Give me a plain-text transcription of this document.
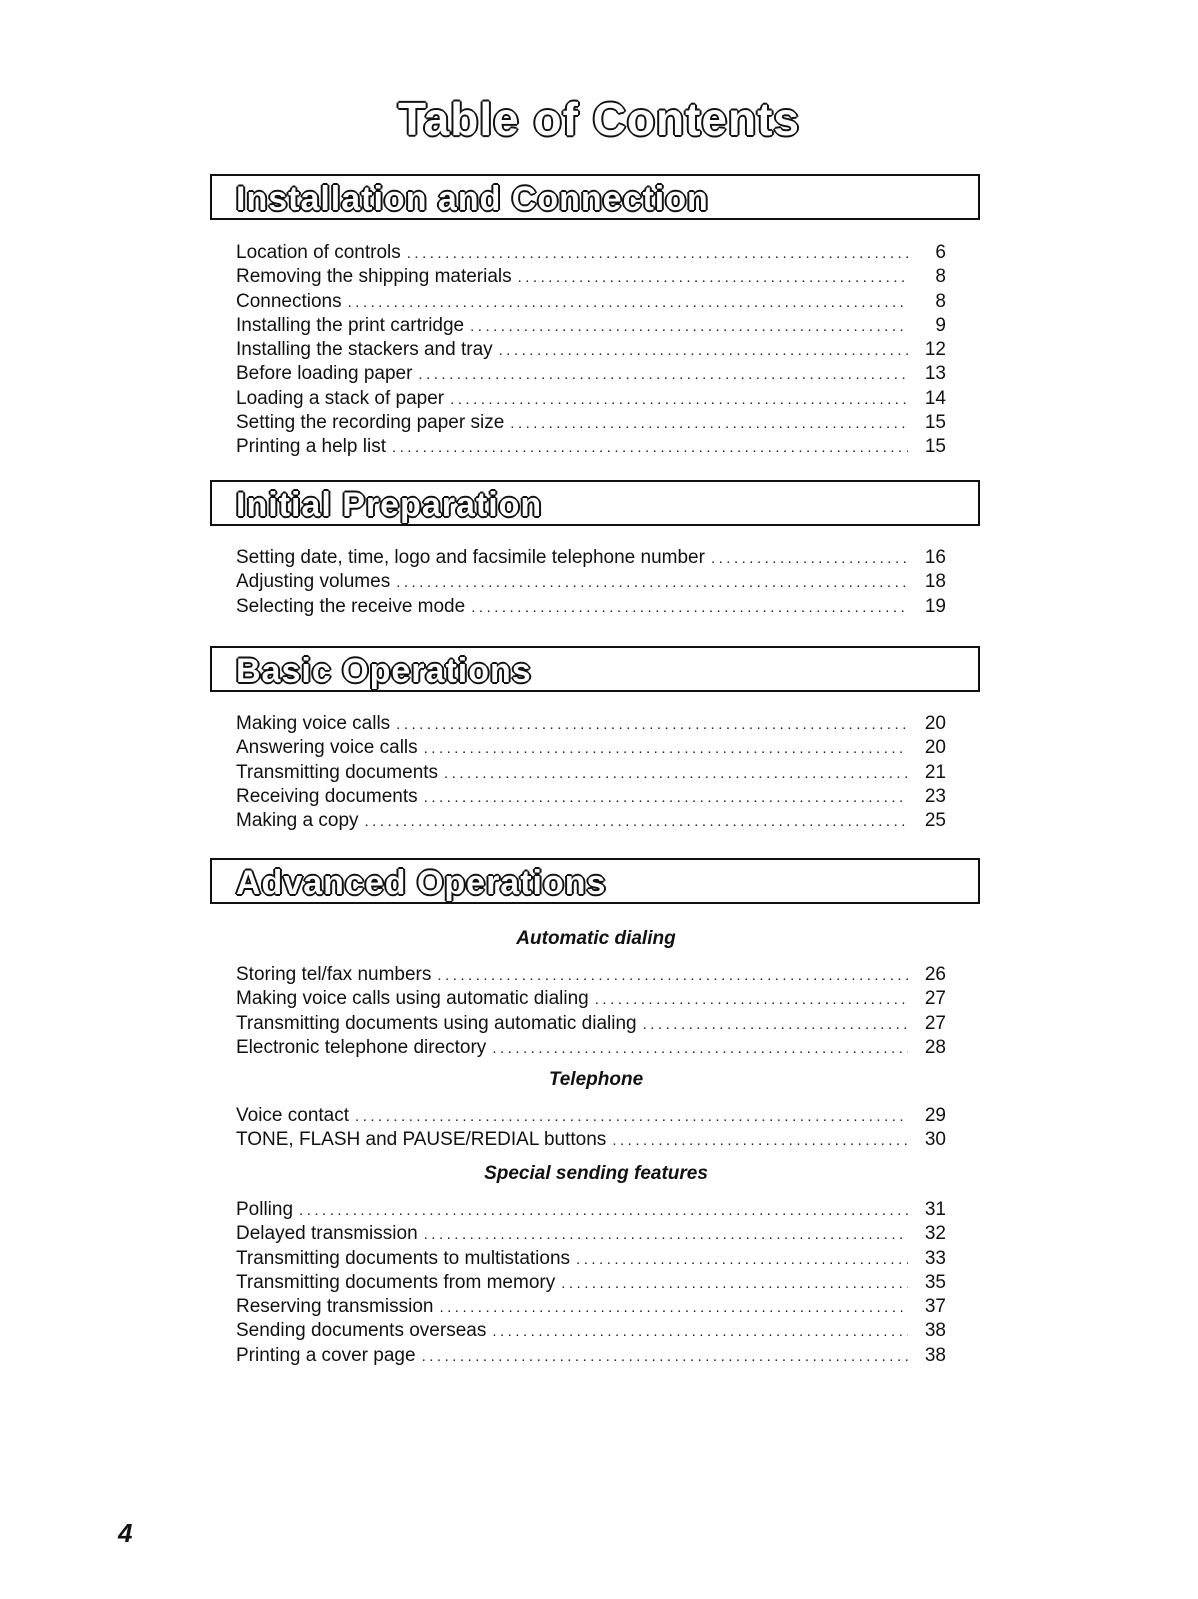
Table of Contents
Installation and Connection
Location of controls .....	6
Removing the shipping materials .....	8
Connections .....	8
Installing the print cartridge .....	9
Installing the stackers and tray .....	12
Before loading paper .....	13
Loading a stack of paper .....	14
Setting the recording paper size .....	15
Printing a help list .....	15
Initial Preparation
Setting date, time, logo and facsimile telephone number .....	16
Adjusting volumes .....	18
Selecting the receive mode .....	19
Basic Operations
Making voice calls .....	20
Answering voice calls .....	20
Transmitting documents .....	21
Receiving documents .....	23
Making a copy .....	25
Advanced Operations
Automatic dialing
Storing tel/fax numbers .....	26
Making voice calls using automatic dialing .....	27
Transmitting documents using automatic dialing .....	27
Electronic telephone directory .....	28
Telephone
Voice contact .....	29
TONE, FLASH and PAUSE/REDIAL buttons .....	30
Special sending features
Polling .....	31
Delayed transmission .....	32
Transmitting documents to multistations .....	33
Transmitting documents from memory .....	35
Reserving transmission .....	37
Sending documents overseas .....	38
Printing a cover page .....	38
4
